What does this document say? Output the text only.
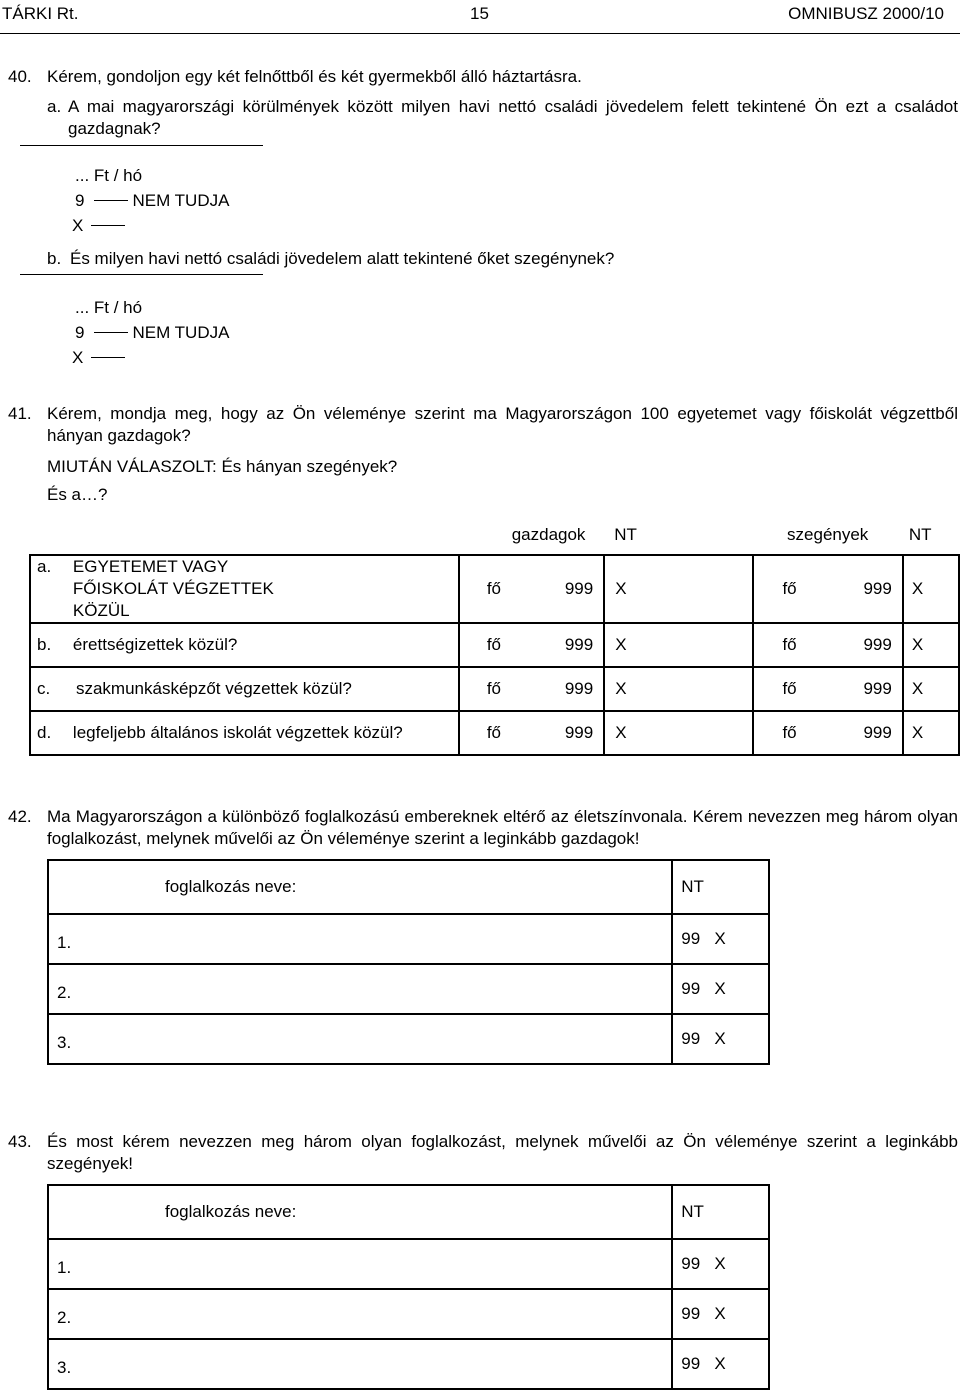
TÁRKI Rt.	15	OMNIBUSZ 2000/10
40. Kérem, gondoljon egy két felnőttből és két gyermekből álló háztartásra.
a. A mai magyarországi körülmények között milyen havi nettó családi jövedelem felett tekintené Ön ezt a családot gazdagnak?
... Ft / hó
9	NEM TUDJA
X
b. És milyen havi nettó családi jövedelem alatt tekintené őket szegénynek?
... Ft / hó
9	NEM TUDJA
X
41. Kérem, mondja meg, hogy az Ön véleménye szerint ma Magyarországon 100 egyetemet vagy főiskolát végzettből hányan gazdagok?
MIUTÁN VÁLASZOLT: És hányan szegények?
És a…?
	gazdagok		NT	szegények		NT
a. EGYETEMET VAGY FŐISKOLÁT VÉGZETTEK KÖZÜL	fő	999	X	fő	999	X
b. érettségizettek közül?	fő	999	X	fő	999	X
c. szakmunkásképzőt végzettek közül?	fő	999	X	fő	999	X
d. legfeljebb általános iskolát végzettek közül?	fő	999	X	fő	999	X
42. Ma Magyarországon a különböző foglalkozású embereknek eltérő az életszínvonala. Kérem nevezzen meg három olyan foglalkozást, melynek művelői az Ön véleménye szerint a leginkább gazdagok!
foglalkozás neve:	NT
1.	99 X
2.	99 X
3.	99 X
43. És most kérem nevezzen meg három olyan foglalkozást, melynek művelői az Ön véleménye szerint a leginkább szegények!
foglalkozás neve:	NT
1.	99 X
2.	99 X
3.	99 X
